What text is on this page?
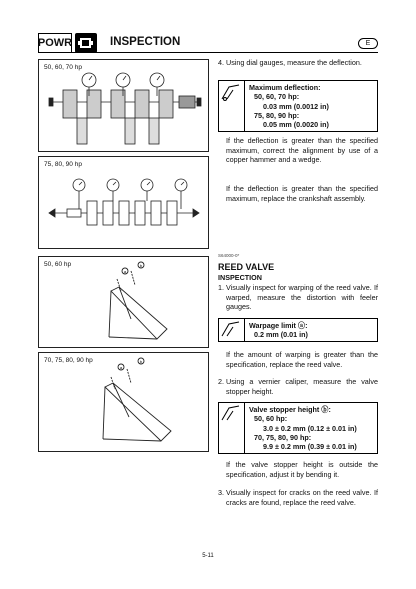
POWR	INSPECTION	E
50, 60, 70 hp
75, 80, 90 hp
50, 60 hp
a
b
70, 75, 80, 90 hp
a
b
4. Using dial gauges, measure the deflection.
Maximum deflection:
50, 60, 70 hp:
0.03 mm (0.0012 in)
75, 80, 90 hp:
0.05 mm (0.0020 in)
If the deflection is greater than the specified maximum, correct the alignment by use of a copper hammer and a wedge.
If the deflection is greater than the specified maximum, replace the crankshaft assembly.
S64000-0*
REED VALVE
INSPECTION
1. Visually inspect for warping of the reed valve. If warped, measure the distortion with feeler gauges.
Warpage limit ⓐ:
0.2 mm (0.01 in)
If the amount of warping is greater than the specification, replace the reed valve.
2. Using a vernier caliper, measure the valve stopper height.
Valve stopper height ⓑ:
50, 60 hp:
3.0 ± 0.2 mm (0.12 ± 0.01 in)
70, 75, 80, 90 hp:
9.9 ± 0.2 mm (0.39 ± 0.01 in)
If the valve stopper height is outside the specification, adjust it by bending it.
3. Visually inspect for cracks on the reed valve. If cracks are found, replace the reed valve.
5-11
